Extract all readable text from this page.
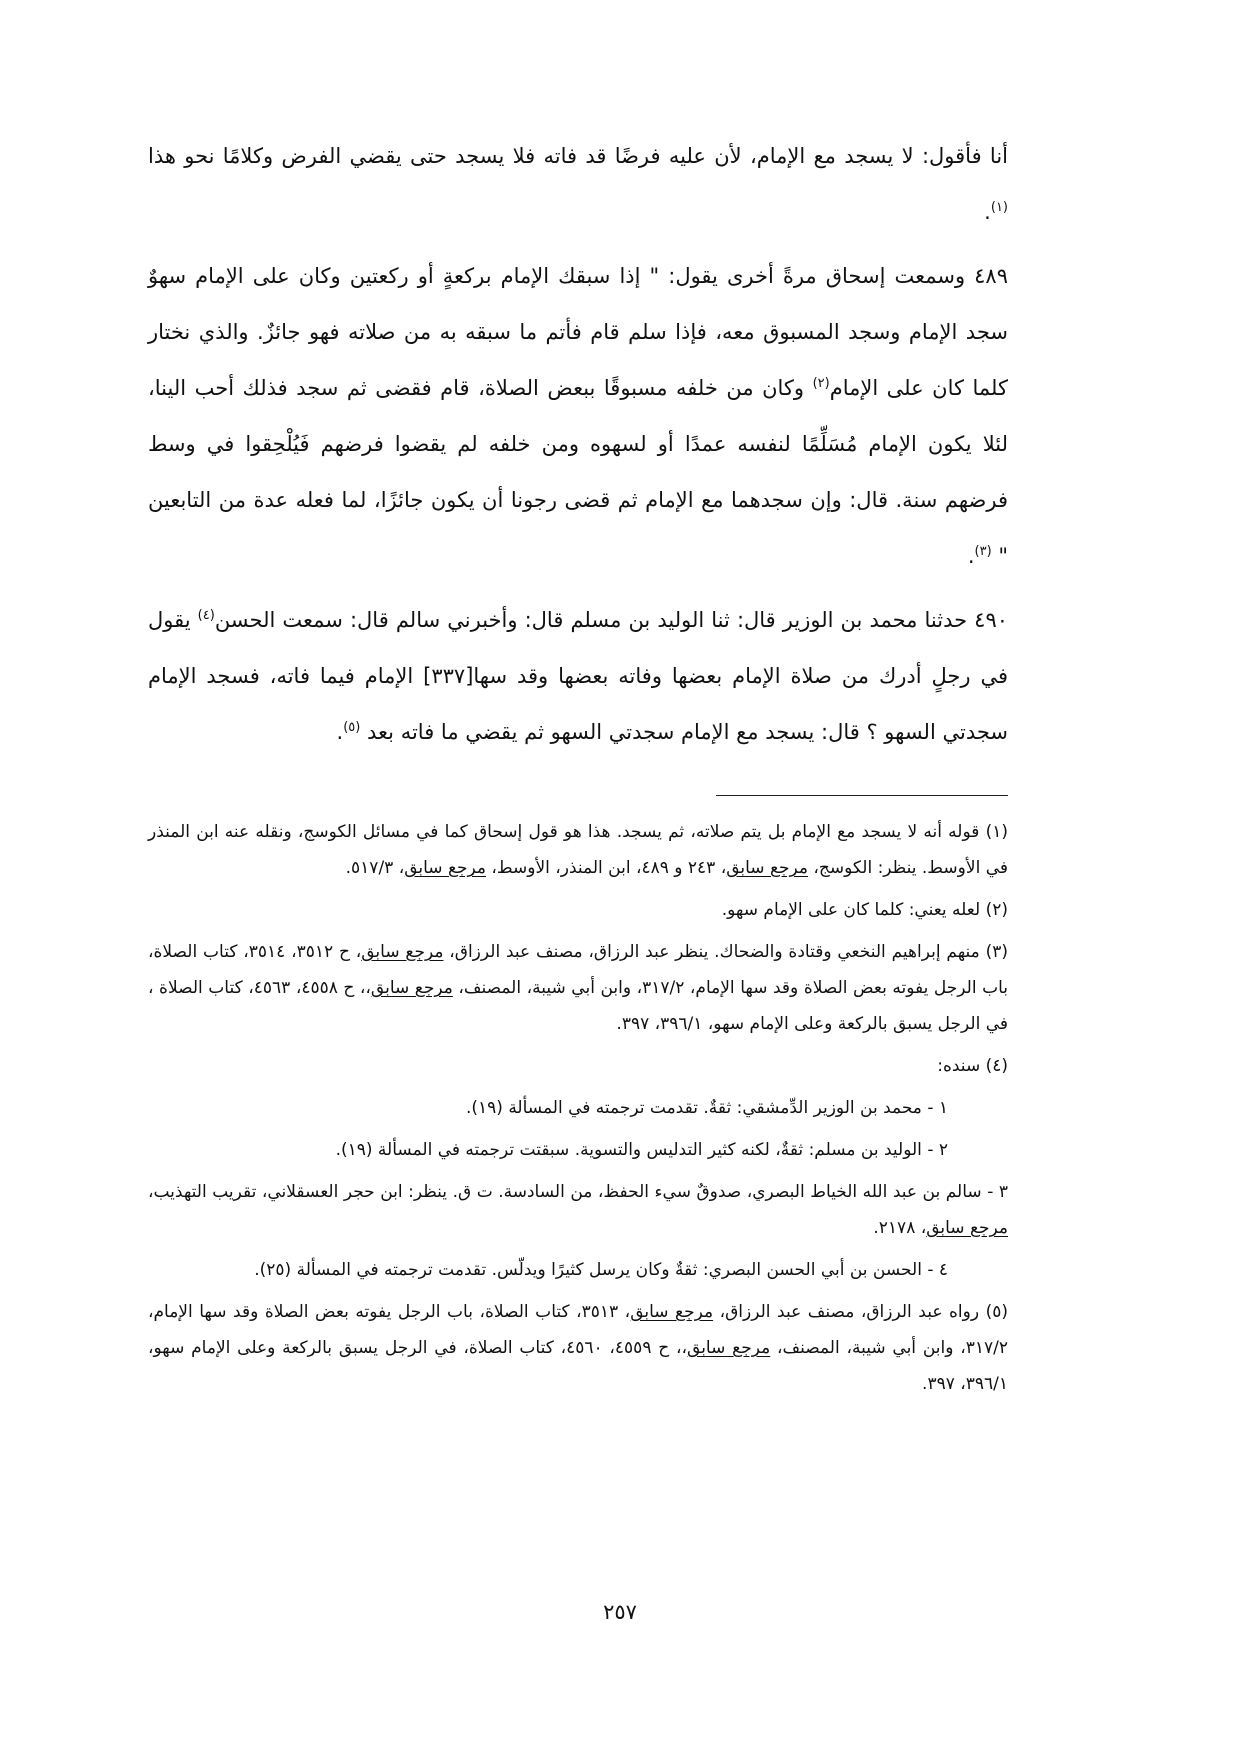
أنا فأقول: لا يسجد مع الإمام، لأن عليه فرضًا قد فاته فلا يسجد حتى يقضي الفرض وكلامًا نحو هذا $^{(١)}$.

٤٨٩ وسمعت إسحاق مرةً أخرى يقول: " إذا سبقك الإمام بركعةٍ أو ركعتين وكان على الإمام سهوٌ سجد الإمام وسجد المسبوق معه، فإذا سلم قام فأتم ما سبقه به من صلاته فهو جائزٌ. والذي نختار كلما كان على الإمام$^{(٢)}$ وكان من خلفه مسبوقًا ببعض الصلاة، قام فقضى ثم سجد فذلك أحب الينا، لئلا يكون الإمام مُسَلِّمًا لنفسه عمدًا أو لسهوه ومن خلفه لم يقضوا فرضهم فَيُلْحِقوا في وسط فرضهم سنة. قال: وإن سجدهما مع الإمام ثم قضى رجونا أن يكون جائزًا، لما فعله عدة من التابعين " $^{(٣)}$.

٤٩٠ حدثنا محمد بن الوزير قال: ثنا الوليد بن مسلم قال: وأخبرني سالم قال: سمعت الحسن$^{(٤)}$ يقول في رجلٍ أدرك من صلاة الإمام بعضها وفاته بعضها وقد سها[٣٣٧] الإمام فيما فاته، فسجد الإمام سجدتي السهو ؟ قال: يسجد مع الإمام سجدتي السهو ثم يقضي ما فاته بعد $^{(٥)}$.

(١) قوله أنه لا يسجد مع الإمام بل يتم صلاته، ثم يسجد. هذا هو قول إسحاق كما في مسائل الكوسج، ونقله عنه ابن المنذر في الأوسط. ينظر: الكوسج، مرجع سابق، ٢٤٣ و ٤٨٩، ابن المنذر، الأوسط، مرجع سابق، ٥١٧/٣.

(٢) لعله يعني: كلما كان على الإمام سهو.

(٣) منهم إبراهيم النخعي وقتادة والضحاك. ينظر عبد الرزاق، مصنف عبد الرزاق، مرجع سابق، ح ٣٥١٢، ٣٥١٤، كتاب الصلاة، باب الرجل يفوته بعض الصلاة وقد سها الإمام، ٣١٧/٢، وابن أبي شيبة، المصنف، مرجع سابق،، ح ٤٥٥٨، ٤٥٦٣، كتاب الصلاة ، في الرجل يسبق بالركعة وعلى الإمام سهو، ٣٩٦/١، ٣٩٧.

(٤) سنده:

١ - محمد بن الوزير الدِّمشقي: ثقةٌ. تقدمت ترجمته في المسألة (١٩).

٢ - الوليد بن مسلم: ثقةٌ، لكنه كثير التدليس والتسوية. سبقتت ترجمته في المسألة (١٩).

٣ - سالم بن عبد الله الخياط البصري، صدوقٌ سيء الحفظ، من السادسة. ت ق. ينظر: ابن حجر العسقلاني، تقريب التهذيب، مرجع سابق، ٢١٧٨.

٤ - الحسن بن أبي الحسن البصري: ثقةٌ وكان يرسل كثيرًا ويدلّس. تقدمت ترجمته في المسألة (٢٥).

(٥) رواه عبد الرزاق، مصنف عبد الرزاق، مرجع سابق، ٣٥١٣، كتاب الصلاة، باب الرجل يفوته بعض الصلاة وقد سها الإمام، ٣١٧/٢، وابن أبي شيبة، المصنف، مرجع سابق،، ح ٤٥٥٩، ٤٥٦٠، كتاب الصلاة، في الرجل يسبق بالركعة وعلى الإمام سهو، ٣٩٦/١، ٣٩٧.

٢٥٧
